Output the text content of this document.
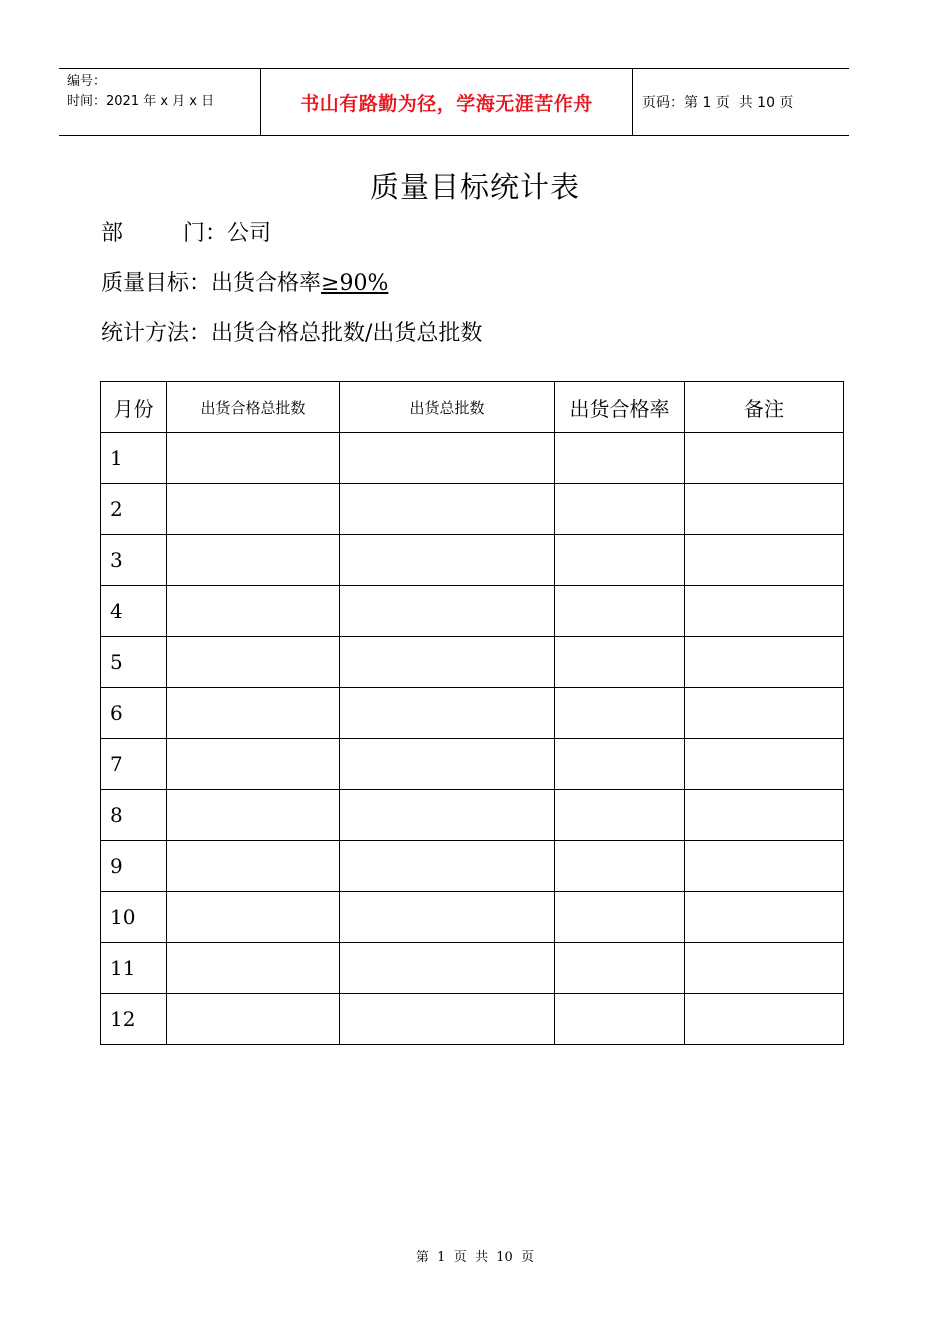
编号：
时间：2021 年 x 月 x 日	书山有路勤为径，学海无涯苦作舟	页码：第 1 页  共 10 页
质量目标统计表
部	门 ：公司
质量目标：出货合格率≥90%
统计方法：出货合格总批数/出货总批数
月份	出货合格总批数	出货总批数	出货合格率	备注
1				
2				
3				
4				
5				
6				
7				
8				
9				
10				
11				
12				
第  1  页  共  10  页
